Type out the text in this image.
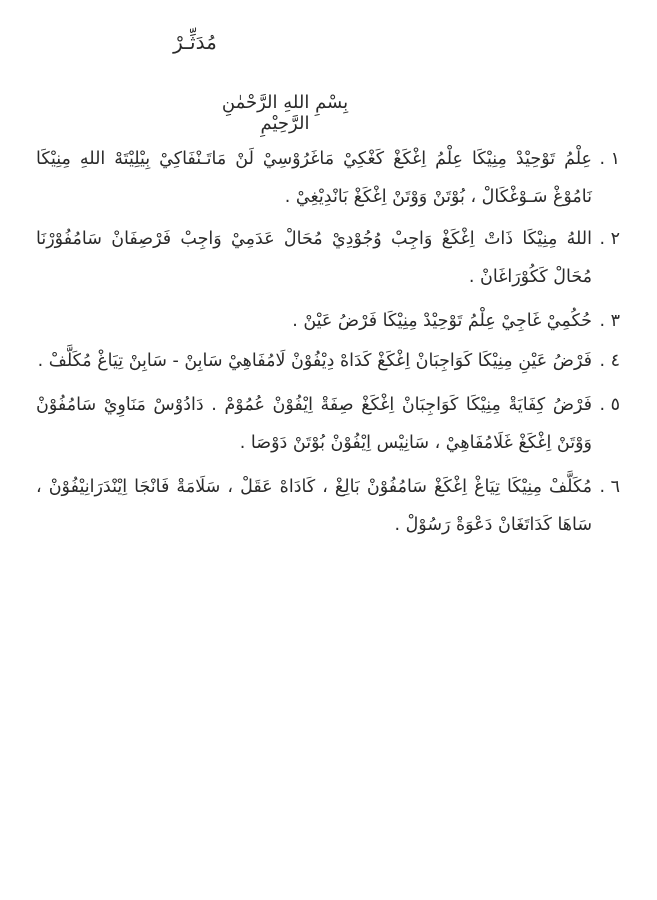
مُدَثِّـرْ
بِسْمِ اللهِ الرَّحْمٰنِ الرَّحِيْمِ
١ .
عِلْمُ تَوْحِيْدْ مِنِيْكَا عِلْمُ اِغْكَغْ كَغْكِيْ مَاغَرُوْسِيْ لَنْ مَاتَـنْفَاكِيْ بِيْلِيْتَهْ اللهِ مِنِيْكَا نَامُوْغْ سَـوْغْكَالْ ، بُوْتَنْ وَوْتَنْ اِغْكَغْ بَانْدِيْغِيْ .
٢ .
اللهُ مِنِيْكَا ذَاتْ اِغْكَغْ وَاجِبْ وُجُوْدِيْ مُحَالْ عَدَمِيْ وَاجِبْ فَرْصِفَانْ سَامُفُوْرْنَا مُحَالْ كَكُوْرَاغَانْ .
٣ .
حُكُمِيْ غَاجِيْ عِلْمُ تَوْحِيْدْ مِنِيْكَا فَرْضُ عَيْنْ .
٤ .
فَرْضُ عَيْنِ مِنِيْكَا كَوَاجِبَانْ اِغْكَغْ كَدَاهْ دِيْفُوْنْ لَامُفَاهِيْ سَابِنْ - سَابِنْ تِيَاغْ مُكَلَّفْ .
٥ .
فَرْضُ كِفَايَةْ مِنِيْكَا كَوَاجِبَانْ اِغْكَغْ صِفَةْ اِيْفُوْنْ عُمُوْمْ . دَادُوْسْ مَنَاوِيْ سَامُفُوْنْ وَوْتَنْ اِغْكَغْ غَلَامُفَاهِيْ ، سَانِيْس اِيْفُوْنْ بُوْتَنْ دَوْصَا .
٦ .
مُكَلَّفْ مِنِيْكَا تِيَاغْ اِغْكَغْ سَامُفُوْنْ بَالِغْ ، كَادَاهْ عَقَلْ ، سَلَامَةْ فَانْجَا اِيْنْدَرَانِيْفُوْنْ ، سَاهَا كَدَاتَغَانْ دَعْوَةْ رَسُوْلْ .
